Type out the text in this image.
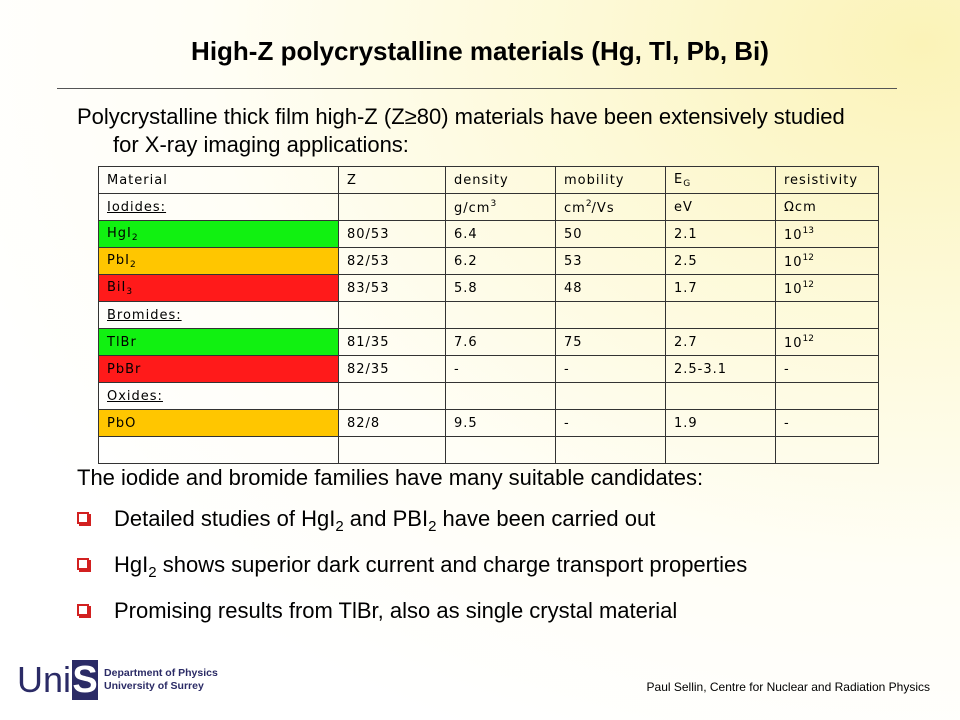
High-Z polycrystalline materials (Hg, Tl, Pb, Bi)

Polycrystalline thick film high-Z (Z≥80) materials have been extensively studied for X-ray imaging applications:

Material	Z	density	mobility	$E_G$	resistivity
Iodides:		$g/cm^3$	$cm^2/Vs$	eV	Ωcm
HgI$_2$	80/53	6.4	50	2.1	$10^{13}$
PbI$_2$	82/53	6.2	53	2.5	$10^{12}$
BiI$_3$	83/53	5.8	48	1.7	$10^{12}$
Bromides:					
TlBr	81/35	7.6	75	2.7	$10^{12}$
PbBr	82/35	-	-	2.5-3.1	-
Oxides:					
PbO	82/8	9.5	-	1.9	-

The iodide and bromide families have many suitable candidates:

Detailed studies of HgI$_2$ and $PBI_2$ have been carried out
HgI$_2$ shows superior dark current and charge transport properties
Promising results from TlBr, also as single crystal material
Uni S Department of Physics
University of Surrey	Paul Sellin, Centre for Nuclear and Radiation Physics
